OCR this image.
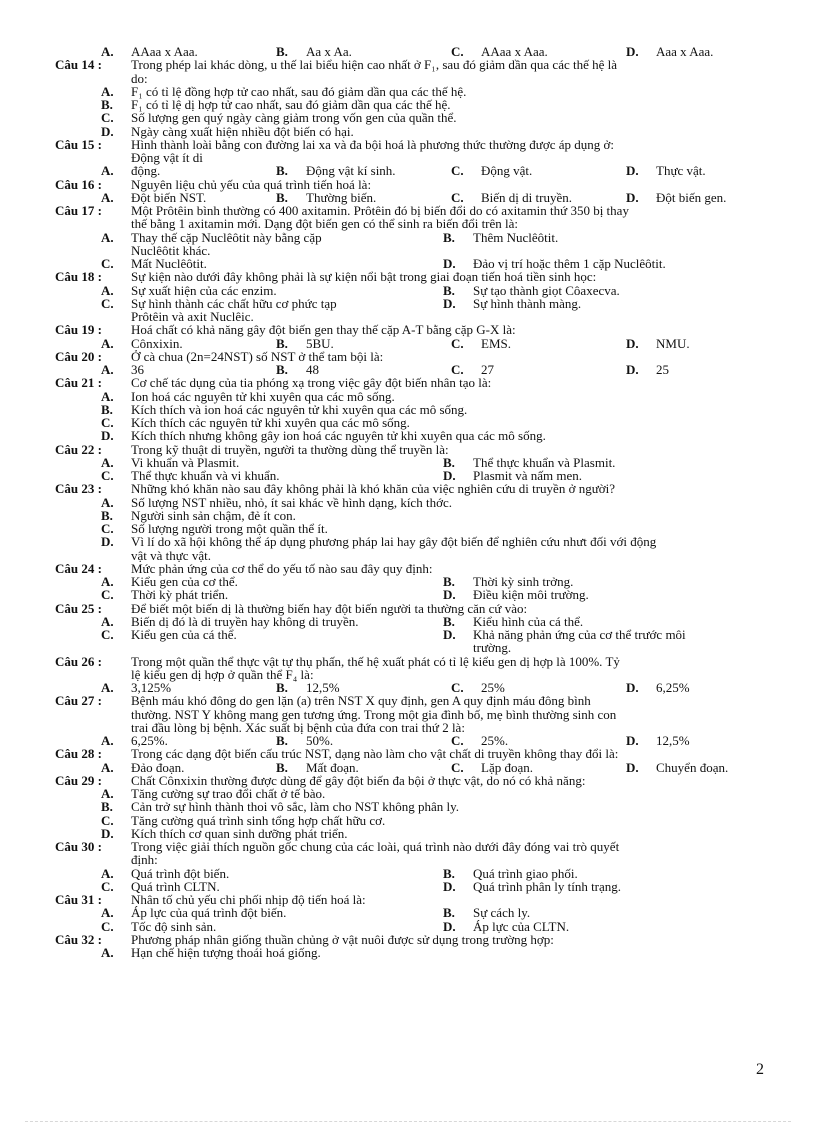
A. AAaa x Aaa.	B. Aa x Aa.	C. AAaa x Aaa.	D. Aaa x Aaa.
Câu 14 : Trong phép lai khác dòng, u thế lai biểu hiện cao nhất ở F₁, sau đó giảm dần qua các thế hệ là
do:
A. F₁ có tỉ lệ đồng hợp tử cao nhất, sau đó giảm dần qua các thế hệ.
B. F₁ có tỉ lệ dị hợp tử cao nhất, sau đó giảm dần qua các thế hệ.
C. Số lượng gen quý ngày càng giảm trong vốn gen của quần thể.
D. Ngày càng xuất hiện nhiều đột biến có hại.
Câu 15 : Hình thành loài bằng con đường lai xa và đa bội hoá là phương thức thường được áp dụng ở:
Động vật ít di
A. động.	B. Động vật kí sinh.	C. Động vật.	D. Thực vật.
Câu 16 : Nguyên liệu chủ yếu của quá trình tiến hoá là:
A. Đột biến NST.	B. Thường biến.	C. Biến dị di truyền.	D. Đột biến gen.
Câu 17 : Một Prôtêin bình thường có 400 axitamin. Prôtêin đó bị biến đổi do có axitamin thứ 350 bị thay
thế bằng 1 axitamin mới. Dạng đột biến gen có thể sinh ra biến đổi trên là:
A. Thay thế cặp Nuclêôtit này bằng cặp	B. Thêm Nuclêôtit.
Nuclêôtit khác.
C. Mất Nuclêôtit.	D. Đảo vị trí hoặc thêm 1 cặp Nuclêôtit.
Câu 18 : Sự kiện nào dưới đây không phải là sự kiện nổi bật trong giai đoạn tiến hoá tiền sinh học:
A. Sự xuất hiện của các enzim.	B. Sự tạo thành giọt Côaxecva.
C. Sự hình thành các chất hữu cơ phức tạp	D. Sự hình thành màng.
Prôtêin và axit Nuclêic.
Câu 19 : Hoá chất có khả năng gây đột biến gen thay thế cặp A-T bằng cặp G-X là:
A. Cônxixin.	B. 5BU.	C. EMS.	D. NMU.
Câu 20 : Ở cà chua (2n=24NST) số NST ở thể tam bội là:
A. 36	B. 48	C. 27	D. 25
Câu 21 : Cơ chế tác dụng của tia phóng xạ trong việc gây đột biến nhân tạo là:
A. Ion hoá các nguyên tử khi xuyên qua các mô sống.
B. Kích thích và ion hoá các nguyên tử khi xuyên qua các mô sống.
C. Kích thích các nguyên tử khi xuyên qua các mô sống.
D. Kích thích nhưng không gây ion hoá các nguyên tử khi xuyên qua các mô sống.
Câu 22 : Trong kỹ thuật di truyền, người ta thường dùng thể truyền là:
A. Vi khuẩn và Plasmit.	B. Thể thực khuẩn và Plasmit.
C. Thể thực khuẩn và vi khuẩn.	D. Plasmit và nấm men.
Câu 23 : Những khó khăn nào sau đây không phải là khó khăn của việc nghiên cứu di truyền ở người?
A. Số lượng NST nhiều, nhỏ, ít sai khác về hình dạng, kích thớc.
B. Người sinh sản chậm, đẻ ít con.
C. Số lượng người trong một quần thể ít.
D. Vì lí do xã hội không thể áp dụng phương pháp lai hay gây đột biến để nghiên cứu nhưt đối với động
vật và thực vật.
Câu 24 : Mức phản ứng của cơ thể do yếu tố nào sau đây quy định:
A. Kiểu gen của cơ thể.	B. Thời kỳ sinh trởng.
C. Thời kỳ phát triển.	D. Điều kiện môi trường.
Câu 25 : Để biết một biến dị là thường biến hay đột biến người ta thường căn cứ vào:
A. Biến dị đó là di truyền hay không di truyền.	B. Kiểu hình của cá thể.
C. Kiểu gen của cá thể.	D. Khả năng phản ứng của cơ thể trước môi
trường.
Câu 26 : Trong một quần thể thực vật tự thụ phấn, thế hệ xuất phát có tỉ lệ kiểu gen dị hợp là 100%. Tỷ
lệ kiểu gen dị hợp ở quần thể F₄ là:
A. 3,125%	B. 12,5%	C. 25%	D. 6,25%
Câu 27 : Bệnh máu khó đông do gen lặn (a) trên NST X quy định, gen A quy định máu đông bình
thường. NST Y không mang gen tương ứng. Trong một gia đình bố, mẹ bình thường sinh con
trai đầu lòng bị bệnh. Xác suất bị bệnh của đứa con trai thứ 2 là:
A. 6,25%.	B. 50%.	C. 25%.	D. 12,5%
Câu 28 : Trong các dạng đột biến cấu trúc NST, dạng nào làm cho vật chất di truyền không thay đổi là:
A. Đảo đoạn.	B. Mất đoạn.	C. Lặp đoạn.	D. Chuyển đoạn.
Câu 29 : Chất Cônxixin thường được dùng để gây đột biến đa bội ở thực vật, do nó có khả năng:
A. Tăng cường sự trao đổi chất ở tế bào.
B. Cản trở sự hình thành thoi vô sắc, làm cho NST không phân ly.
C. Tăng cường quá trình sinh tổng hợp chất hữu cơ.
D. Kích thích cơ quan sinh dưỡng phát triển.
Câu 30 : Trong việc giải thích nguồn gốc chung của các loài, quá trình nào dưới đây đóng vai trò quyết
định:
A. Quá trình đột biến.	B. Quá trình giao phối.
C. Quá trình CLTN.	D. Quá trình phân ly tính trạng.
Câu 31 : Nhân tố chủ yếu chi phối nhịp độ tiến hoá là:
A. Áp lực của quá trình đột biến.	B. Sự cách ly.
C. Tốc độ sinh sản.	D. Áp lực của CLTN.
Câu 32 : Phương pháp nhân giống thuần chủng ở vật nuôi được sử dụng trong trường hợp:
A. Hạn chế hiện tượng thoái hoá giống.
2
